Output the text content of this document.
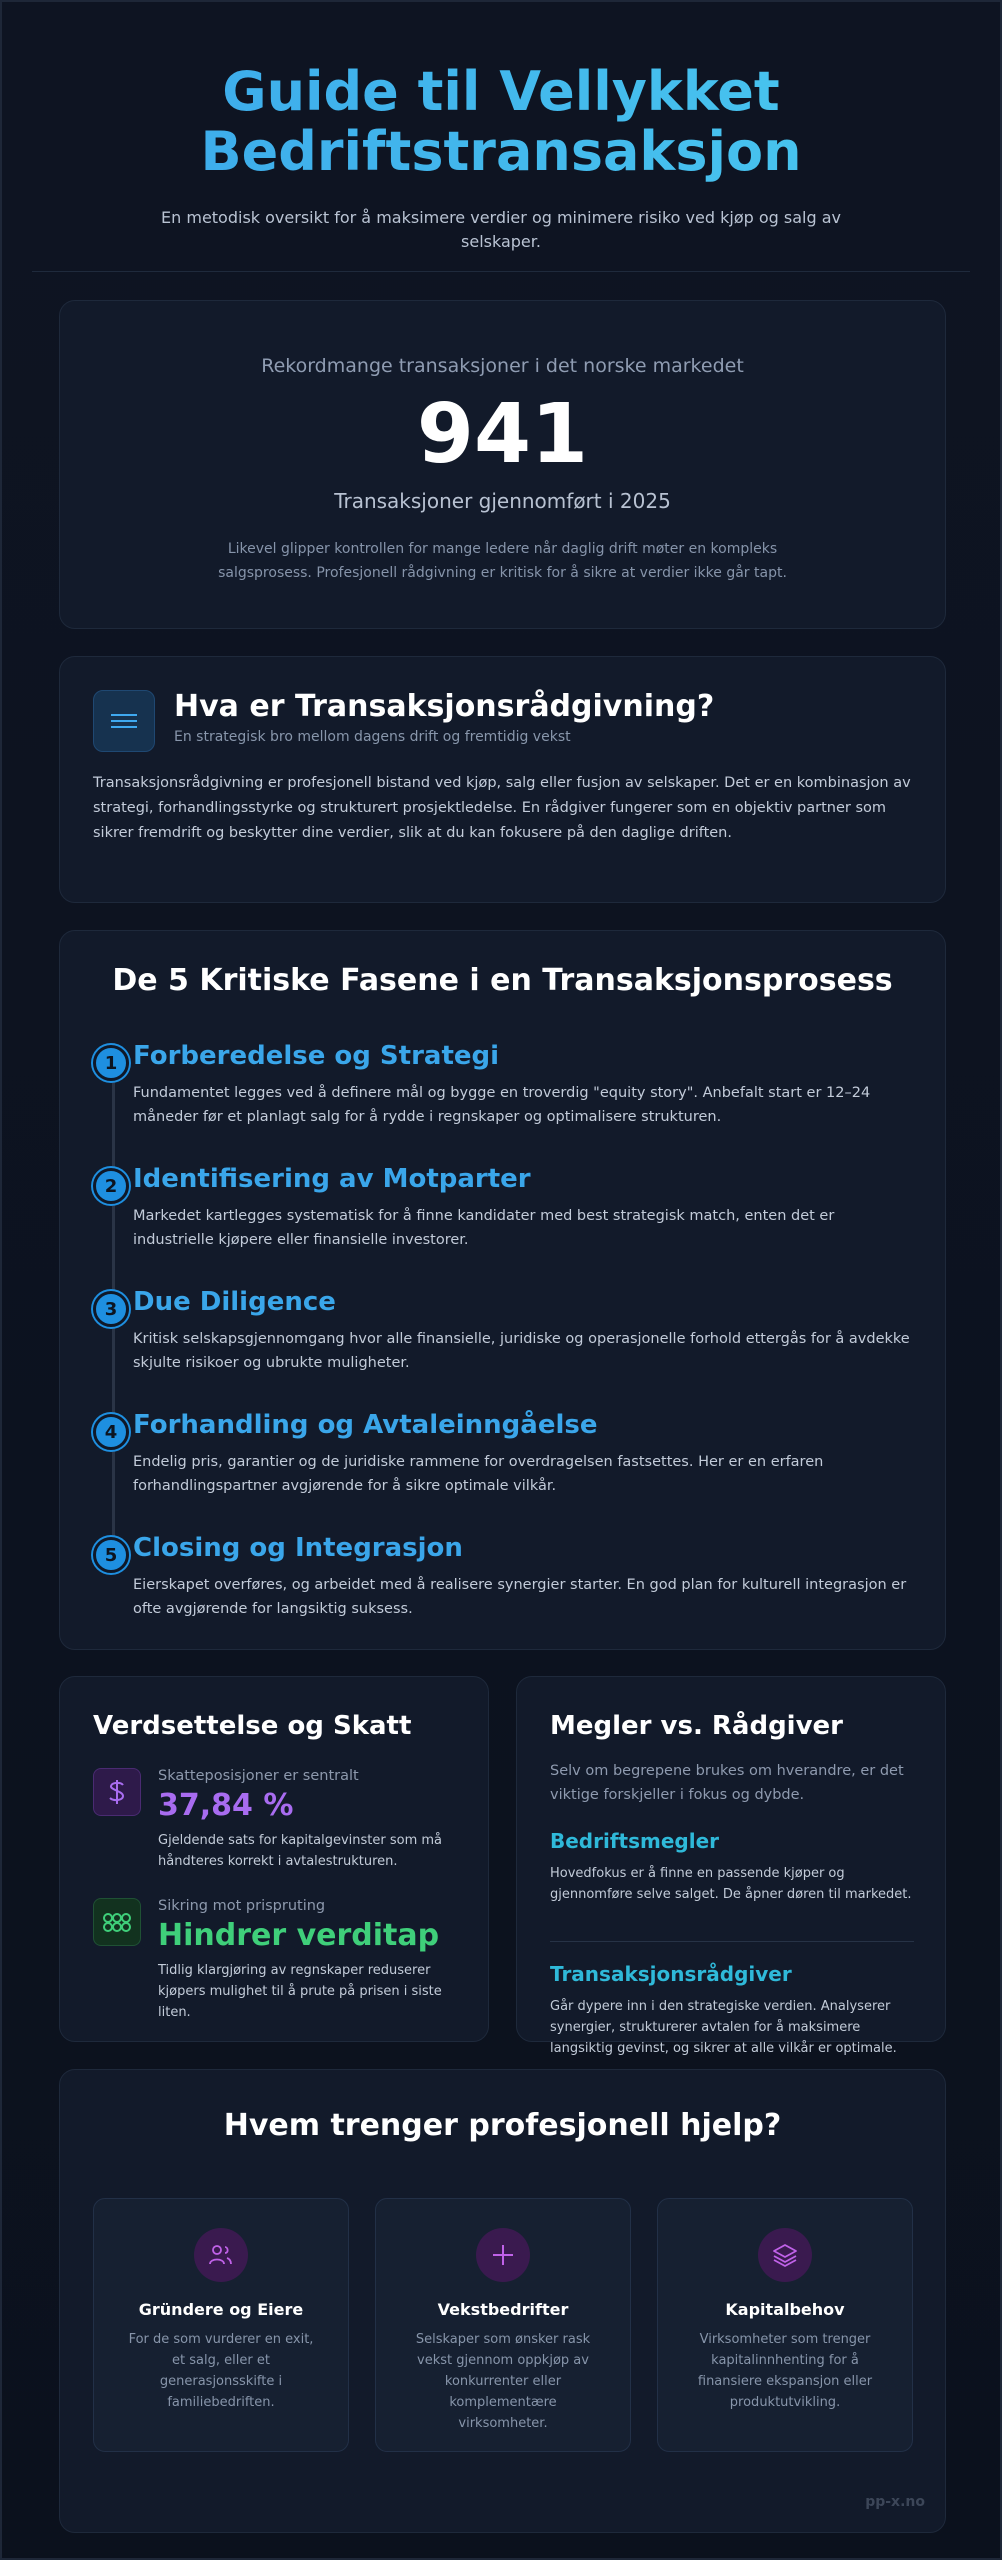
Guide til Vellykket
Bedriftstransaksjon

En metodisk oversikt for å maksimere verdier og minimere risiko ved kjøp og salg av selskaper.

Rekordmange transaksjoner i det norske markedet
941
Transaksjoner gjennomført i 2025

Likevel glipper kontrollen for mange ledere når daglig drift møter en kompleks salgsprosess. Profesjonell rådgivning er kritisk for å sikre at verdier ikke går tapt.

Hva er Transaksjonsrådgivning?
En strategisk bro mellom dagens drift og fremtidig vekst

Transaksjonsrådgivning er profesjonell bistand ved kjøp, salg eller fusjon av selskaper. Det er en kombinasjon av strategi, forhandlingsstyrke og strukturert prosjektledelse. En rådgiver fungerer som en objektiv partner som sikrer fremdrift og beskytter dine verdier, slik at du kan fokusere på den daglige driften.

De 5 Kritiske Fasene i en Transaksjonsprosess
1 Forberedelse og Strategi

Fundamentet legges ved å definere mål og bygge en troverdig "equity story". Anbefalt start er 12–24 måneder før et planlagt salg for å rydde i regnskaper og optimalisere strukturen.

2 Identifisering av Motparter

Markedet kartlegges systematisk for å finne kandidater med best strategisk match, enten det er industrielle kjøpere eller finansielle investorer.

3 Due Diligence

Kritisk selskapsgjennomgang hvor alle finansielle, juridiske og operasjonelle forhold ettergås for å avdekke skjulte risikoer og ubrukte muligheter.

4 Forhandling og Avtaleinngåelse

Endelig pris, garantier og de juridiske rammene for overdragelsen fastsettes. Her er en erfaren forhandlingspartner avgjørende for å sikre optimale vilkår.

5 Closing og Integrasjon

Eierskapet overføres, og arbeidet med å realisere synergier starter. En god plan for kulturell integrasjon er ofte avgjørende for langsiktig suksess.

Verdsettelse og Skatt
Skatteposisjoner er sentralt
37,84 %

Gjeldende sats for kapitalgevinster som må håndteres korrekt i avtalestrukturen.

Sikring mot prispruting
Hindrer verditap

Tidlig klargjøring av regnskaper reduserer kjøpers mulighet til å prute på prisen i siste liten.

Megler vs. Rådgiver

Selv om begrepene brukes om hverandre, er det viktige forskjeller i fokus og dybde.

Bedriftsmegler

Hovedfokus er å finne en passende kjøper og gjennomføre selve salget. De åpner døren til markedet.

Transaksjonsrådgiver

Går dypere inn i den strategiske verdien. Analyserer synergier, strukturerer avtalen for å maksimere langsiktig gevinst, og sikrer at alle vilkår er optimale.

Hvem trenger profesjonell hjelp?
Gründere og Eiere

For de som vurderer en exit, et salg, eller et generasjonsskifte i familiebedriften.

Vekstbedrifter

Selskaper som ønsker rask vekst gjennom oppkjøp av konkurrenter eller komplementære virksomheter.

Kapitalbehov

Virksomheter som trenger kapitalinnhenting for å finansiere ekspansjon eller produktutvikling.

pp-x.no
